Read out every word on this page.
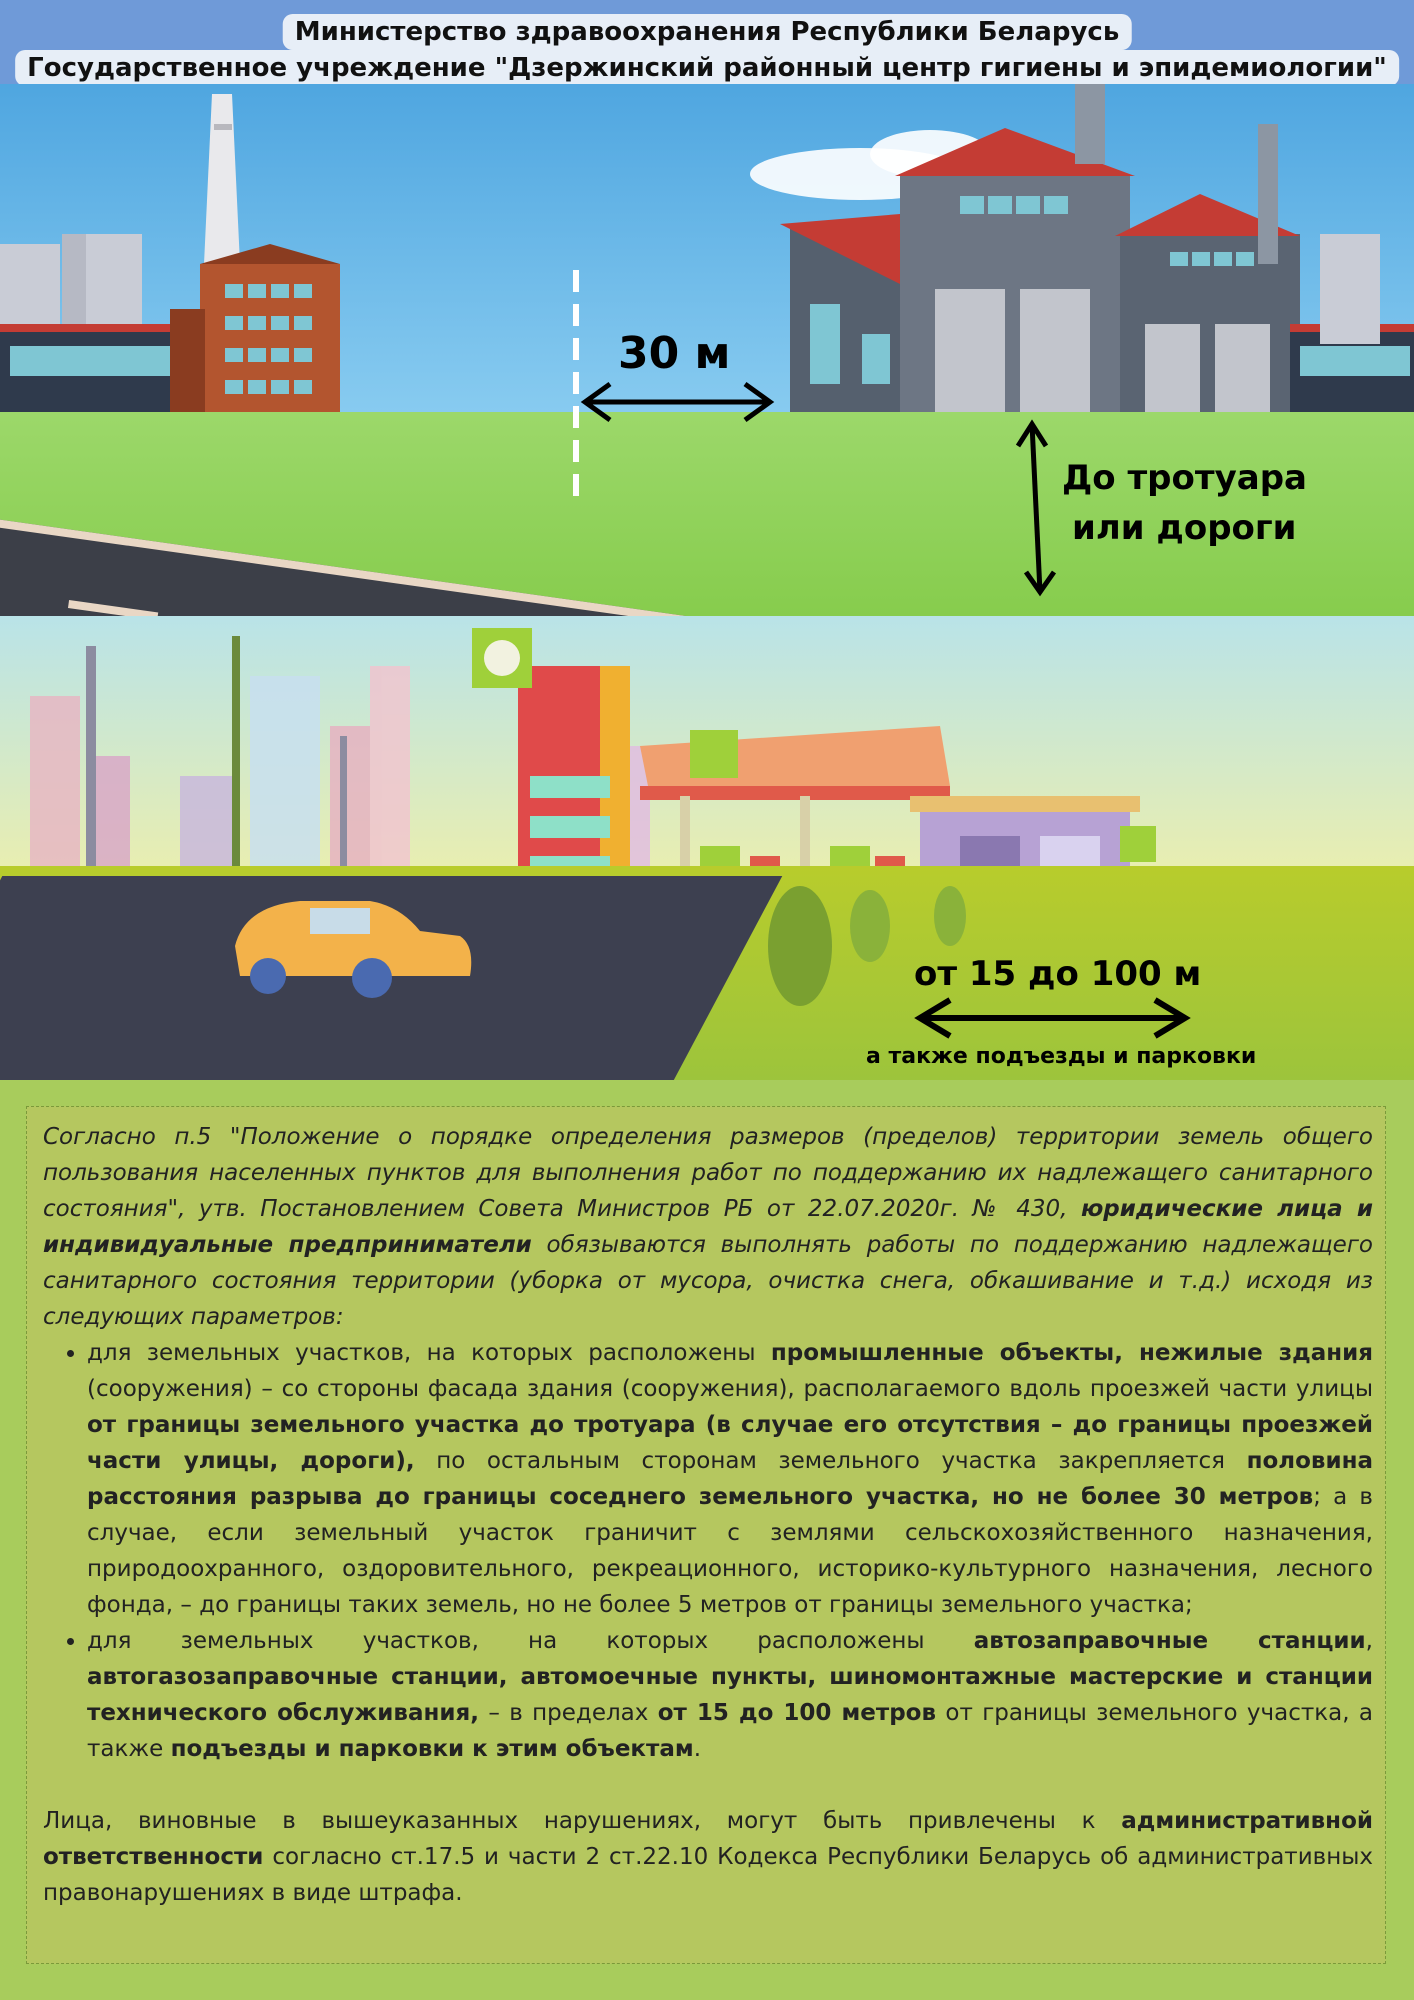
Министерство здравоохранения Республики Беларусь
Государственное учреждение "Дзержинский районный центр гигиены и эпидемиологии"
30 м
До тротуара
или дороги
от 15 до 100 м
а также подъезды и парковки

Согласно п.5 "Положение о порядке определения размеров (пределов) территории земель общего пользования населенных пунктов для выполнения работ по поддержанию их надлежащего санитарного состояния", утв. Постановлением Совета Министров РБ от 22.07.2020г. № 430, юридические лица и индивидуальные предприниматели обязываются выполнять работы по поддержанию надлежащего санитарного состояния территории (уборка от мусора, очистка снега, обкашивание и т.д.) исходя из следующих параметров:

• для земельных участков, на которых расположены промышленные объекты, нежилые здания (сооружения) – со стороны фасада здания (сооружения), располагаемого вдоль проезжей части улицы от границы земельного участка до тротуара (в случае его отсутствия – до границы проезжей части улицы, дороги), по остальным сторонам земельного участка закрепляется половина расстояния разрыва до границы соседнего земельного участка, но не более 30 метров; а в случае, если земельный участок граничит с землями сельскохозяйственного назначения, природоохранного, оздоровительного, рекреационного, историко-культурного назначения, лесного фонда, – до границы таких земель, но не более 5 метров от границы земельного участка;
• для земельных участков, на которых расположены автозаправочные станции, автогазозаправочные станции, автомоечные пункты, шиномонтажные мастерские и станции технического обслуживания, – в пределах от 15 до 100 метров от границы земельного участка, а также подъезды и парковки к этим объектам.

Лица, виновные в вышеуказанных нарушениях, могут быть привлечены к административной ответственности согласно ст.17.5 и части 2 ст.22.10 Кодекса Республики Беларусь об административных правонарушениях в виде штрафа.
